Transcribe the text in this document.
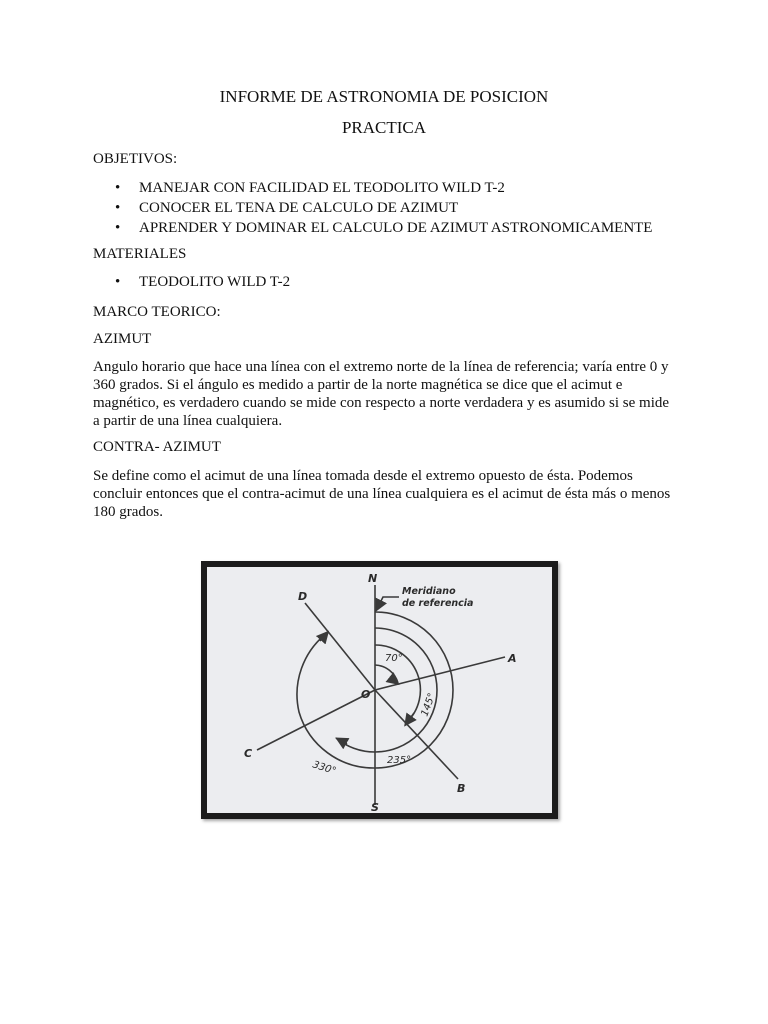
INFORME DE ASTRONOMIA DE POSICION
PRACTICA

OBJETIVOS:

• MANEJAR CON FACILIDAD EL TEODOLITO WILD T-2
• CONOCER EL TENA DE CALCULO DE AZIMUT
• APRENDER Y DOMINAR EL CALCULO DE AZIMUT ASTRONOMICAMENTE

MATERIALES

• TEODOLITO WILD T-2

MARCO TEORICO:

AZIMUT

Angulo horario que hace una línea con el extremo norte de la línea de referencia; varía entre 0 y 360 grados. Si el ángulo es medido a partir de la norte magnética se dice que el acimut e magnético, es verdadero cuando se mide con respecto a norte verdadera y es asumido si se mide a partir de una línea cualquiera.

CONTRA- AZIMUT

Se define como el acimut de una línea tomada desde el extremo opuesto de ésta. Podemos concluir entonces que el contra-acimut de una línea cualquiera es el acimut de ésta más o menos 180 grados.

N
S
O
A
B
C
D	Meridiano
de referencia
70°
145°
235°
330°
